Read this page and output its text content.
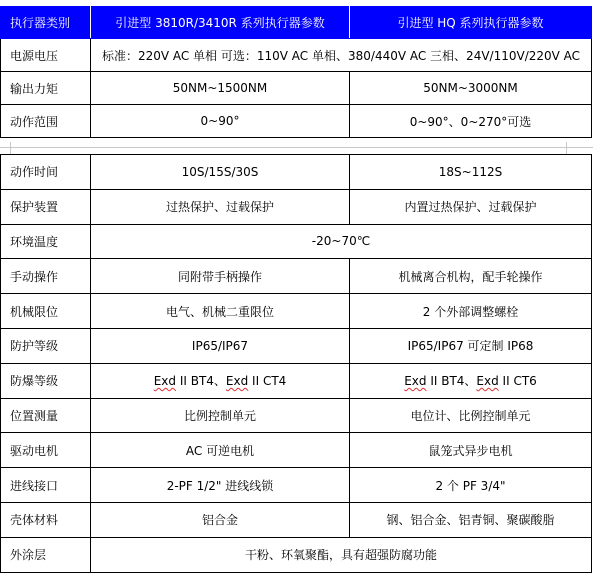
执行器类别	引进型 3810R/3410R 系列执行器参数	引进型 HQ 系列执行器参数
电源电压	标准：220V AC 单相 可选：110V AC 单相、380/440V AC 三相、24V/110V/220V AC	
输出力矩	50NM~1500NM	50NM~3000NM
动作范围	0~90°	0~90°、0~270°可选
动作时间	10S/15S/30S	18S~112S
保护装置	过热保护、过载保护	内置过热保护、过载保护
环境温度	-20~70℃	
手动操作	同附带手柄操作	机械离合机构，配手轮操作
机械限位	电气、机械二重限位	2 个外部调整螺栓
防护等级	IP65/IP67	IP65/IP67 可定制 IP68
防爆等级	Exd II BT4、Exd II CT4	Exd II BT4、Exd II CT6
位置测量	比例控制单元	电位计、比例控制单元
驱动电机	AC 可逆电机	鼠笼式异步电机
进线接口	2-PF 1/2" 进线线锁	2 个 PF 3/4"
壳体材料	铝合金	钢、铝合金、铝青铜、聚碳酸脂
外涂层	干粉、环氧聚酯，具有超强防腐功能	
